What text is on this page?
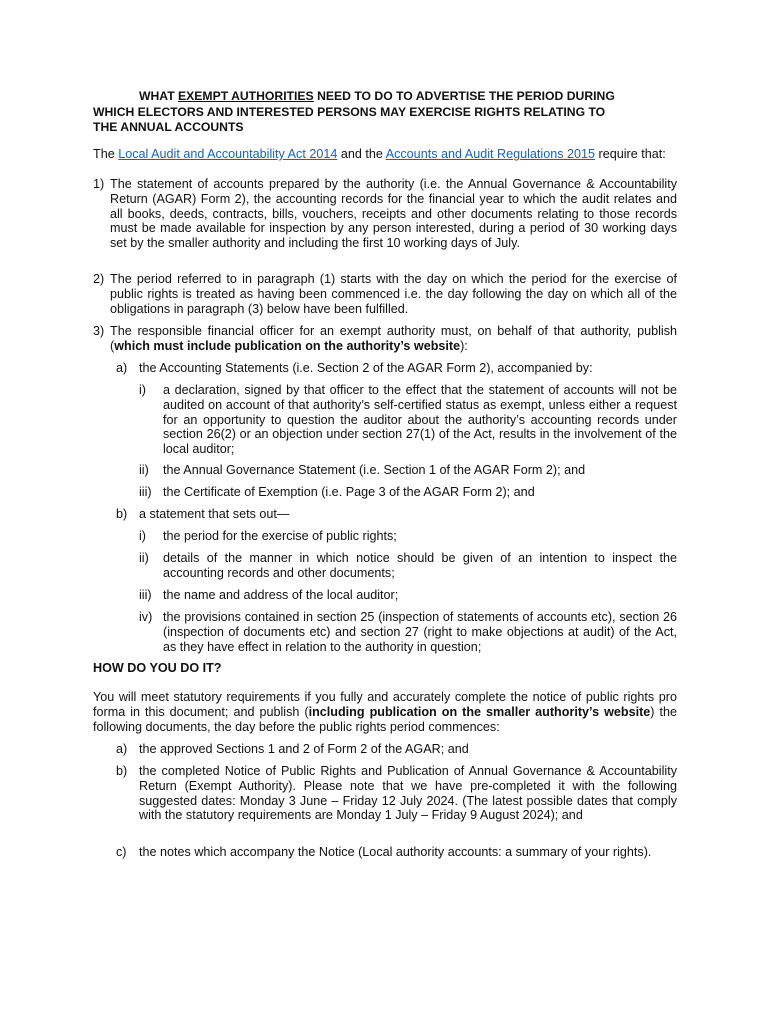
WHAT EXEMPT AUTHORITIES NEED TO DO TO ADVERTISE THE PERIOD DURING
WHICH ELECTORS AND INTERESTED PERSONS MAY EXERCISE RIGHTS RELATING TO
THE ANNUAL ACCOUNTS
The Local Audit and Accountability Act 2014 and the Accounts and Audit Regulations 2015 require that:
1) The statement of accounts prepared by the authority (i.e. the Annual Governance & Accountability Return (AGAR) Form 2), the accounting records for the financial year to which the audit relates and all books, deeds, contracts, bills, vouchers, receipts and other documents relating to those records must be made available for inspection by any person interested, during a period of 30 working days set by the smaller authority and including the first 10 working days of July.
2) The period referred to in paragraph (1) starts with the day on which the period for the exercise of public rights is treated as having been commenced i.e. the day following the day on which all of the obligations in paragraph (3) below have been fulfilled.
3) The responsible financial officer for an exempt authority must, on behalf of that authority, publish (which must include publication on the authority’s website):
a) the Accounting Statements (i.e. Section 2 of the AGAR Form 2), accompanied by:
i) a declaration, signed by that officer to the effect that the statement of accounts will not be audited on account of that authority’s self-certified status as exempt, unless either a request for an opportunity to question the auditor about the authority’s accounting records under section 26(2) or an objection under section 27(1) of the Act, results in the involvement of the local auditor;
ii) the Annual Governance Statement (i.e. Section 1 of the AGAR Form 2); and
iii) the Certificate of Exemption (i.e. Page 3 of the AGAR Form 2); and
b) a statement that sets out—
i) the period for the exercise of public rights;
ii) details of the manner in which notice should be given of an intention to inspect the accounting records and other documents;
iii) the name and address of the local auditor;
iv) the provisions contained in section 25 (inspection of statements of accounts etc), section 26 (inspection of documents etc) and section 27 (right to make objections at audit) of the Act, as they have effect in relation to the authority in question;
HOW DO YOU DO IT?
You will meet statutory requirements if you fully and accurately complete the notice of public rights pro forma in this document; and publish (including publication on the smaller authority’s website) the following documents, the day before the public rights period commences:
a) the approved Sections 1 and 2 of Form 2 of the AGAR; and
b) the completed Notice of Public Rights and Publication of Annual Governance & Accountability Return (Exempt Authority). Please note that we have pre-completed it with the following suggested dates: Monday 3 June – Friday 12 July 2024. (The latest possible dates that comply with the statutory requirements are Monday 1 July – Friday 9 August 2024); and
c) the notes which accompany the Notice (Local authority accounts: a summary of your rights).
